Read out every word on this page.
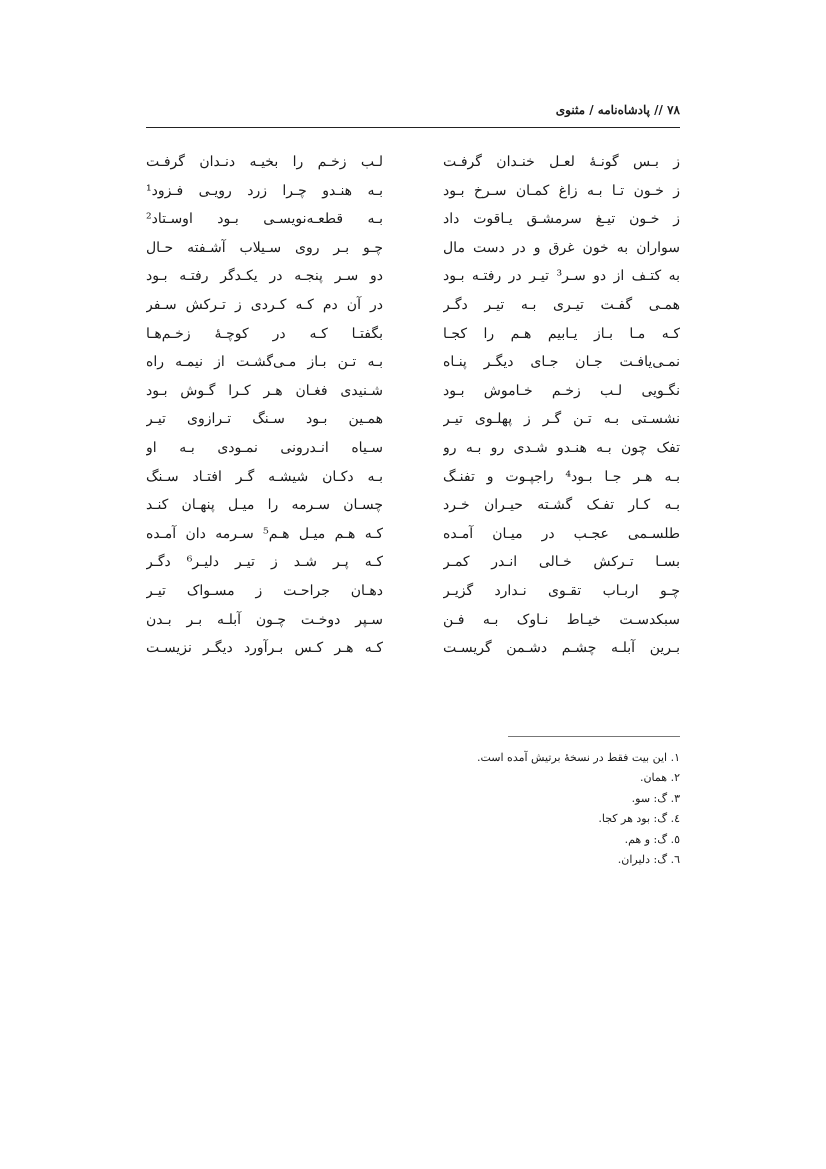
۷۸ // پادشاه‌نامه / مثنوی
ز بـس گونـهٔ لعـل خنـدان گرفـت
لـب زخـم را بخیـه دنـدان گرفـت
ز خـون تـا بـه زاغ کمـان سـرخ بـود
بـه هنـدو چـرا زرد رویـی فـزود¹
ز خـون تیـغ سرمشـق یـاقوت داد
بـه قطعـه‌نویسـی بـود اوسـتاد²
سواران به خون غرق و در دست مال
چـو بـر روی سـیلاب آشـفته حـال
به کتـف از دو سـر³ تیـر در رفتـه بـود
دو سـر پنجـه در یکـدگر رفتـه بـود
همـی گفـت تیـری بـه تیـر دگـر
در آن دم کـه کـردی ز تـرکش سـفر
کـه مـا بـاز یـابیم هـم را کجـا
بگفتـا کـه در کوچـهٔ زخـم‌هـا
نمـی‌یافـت جـان جـای دیگـر پنـاه
بـه تـن بـاز مـی‌گشـت از نیمـه راه
نگـویی لـب زخـم خـاموش بـود
شـنیدی فغـان هـر کـرا گـوش بـود
نشسـتی بـه تـن گـر ز پهلـوی تیـر
همـین بـود سـنگ تـرازوی تیـر
تفک چون بـه هنـدو شـدی رو بـه رو
سـیاه انـدرونی نمـودی بـه او
بـه هـر جـا بـود⁴ راجپـوت و تفنـگ
بـه دکـان شیشـه گـر افتـاد سـنگ
بـه کـار تفـک گشـته حیـران خـرد
چسـان سـرمه را میـل پنهـان کنـد
طلسـمی عجـب در میـان آمـده
کـه هـم میـل هـم⁵ سـرمه دان آمـده
بسـا تـرکش خـالی انـدر کمـر
کـه پـر شـد ز تیـر دلیـر⁶ دگـر
چـو اربـاب تقـوی نـدارد گزیـر
دهـان جراحـت ز مسـواک تیـر
سبکدسـت خیـاط نـاوک بـه فـن
سـپر دوخـت چـون آبلـه بـر بـدن
بـرین آبلـه چشـم دشـمن گریسـت
کـه هـر کـس بـرآورد دیگـر نزیسـت
۱. این بیت فقط در نسخهٔ برتیش آمده است.
۲. همان.
۳. گ: سو.
٤. گ: بود هر کجا.
٥. گ: و هم.
٦. گ: دلیران.
